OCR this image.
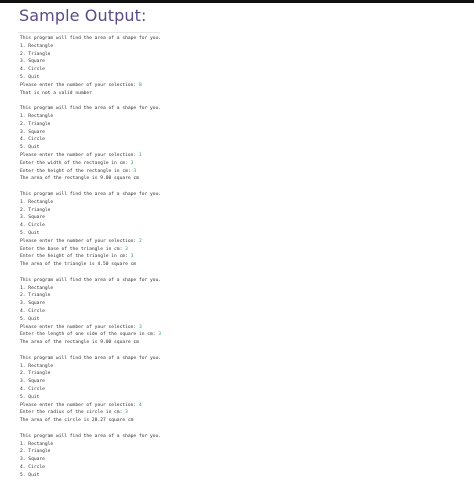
Sample Output:
This program will find the area of a shape for you.
1. Rectangle
2. Triangle
3. Square
4. Circle
5. Quit
Please enter the number of your selection: 8
That is not a valid number
This program will find the area of a shape for you.
1. Rectangle
2. Triangle
3. Square
4. Circle
5. Quit
Please enter the number of your selection: 1
Enter the width of the rectangle in cm: 3
Enter the height of the rectangle in cm: 3
The area of the rectangle is 9.00 square cm
This program will find the area of a shape for you.
1. Rectangle
2. Triangle
3. Square
4. Circle
5. Quit
Please enter the number of your selection: 2
Enter the base of the triangle in cm: 3
Enter the height of the triangle in cm: 3
The area of the triangle is 4.50 square cm
This program will find the area of a shape for you.
1. Rectangle
2. Triangle
3. Square
4. Circle
5. Quit
Please enter the number of your selection: 3
Enter the length of one side of the square in cm: 3
The area of the rectangle is 9.00 square cm
This program will find the area of a shape for you.
1. Rectangle
2. Triangle
3. Square
4. Circle
5. Quit
Please enter the number of your selection: 4
Enter the radius of the circle in cm: 3
The area of the circle is 28.27 square cm
This program will find the area of a shape for you.
1. Rectangle
2. Triangle
3. Square
4. Circle
5. Quit
